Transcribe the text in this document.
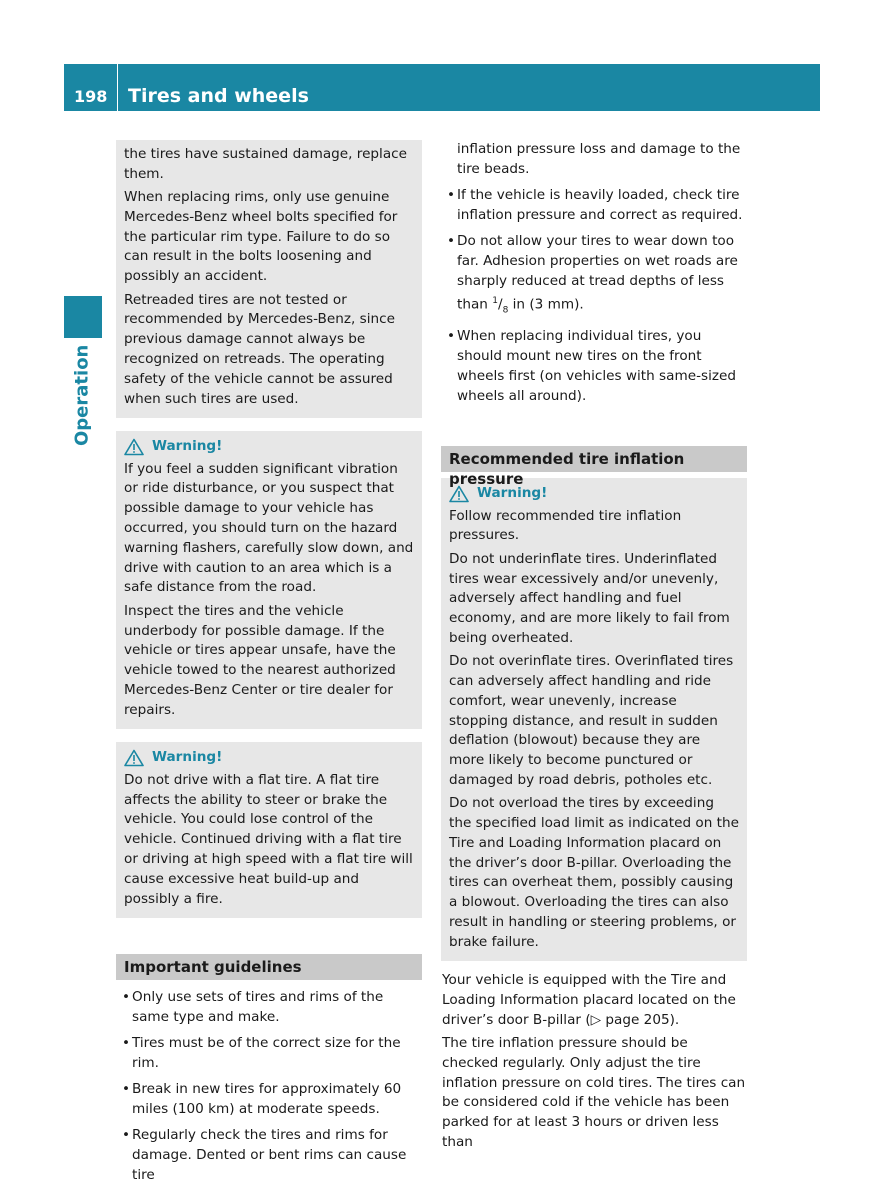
198 Tires and wheels
Operation

the tires have sustained damage, replace them.

When replacing rims, only use genuine Mercedes-Benz wheel bolts specified for the particular rim type. Failure to do so can result in the bolts loosening and possibly an accident.

Retreaded tires are not tested or recommended by Mercedes-Benz, since previous damage cannot always be recognized on retreads. The operating safety of the vehicle cannot be assured when such tires are used.

Warning!

If you feel a sudden significant vibration or ride disturbance, or you suspect that possible damage to your vehicle has occurred, you should turn on the hazard warning flashers, carefully slow down, and drive with caution to an area which is a safe distance from the road.

Inspect the tires and the vehicle underbody for possible damage. If the vehicle or tires appear unsafe, have the vehicle towed to the nearest authorized Mercedes-Benz Center or tire dealer for repairs.

Warning!

Do not drive with a flat tire. A flat tire affects the ability to steer or brake the vehicle. You could lose control of the vehicle. Continued driving with a flat tire or driving at high speed with a flat tire will cause excessive heat build-up and possibly a fire.

Important guidelines
• Only use sets of tires and rims of the same type and make.
• Tires must be of the correct size for the rim.
• Break in new tires for approximately 60 miles (100 km) at moderate speeds.
• Regularly check the tires and rims for damage. Dented or bent rims can cause tire

inflation pressure loss and damage to the tire beads.

• If the vehicle is heavily loaded, check tire inflation pressure and correct as required.
• Do not allow your tires to wear down too far. Adhesion properties on wet roads are sharply reduced at tread depths of less than $^1/_8$ in (3 mm).
• When replacing individual tires, you should mount new tires on the front wheels first (on vehicles with same-sized wheels all around).
Recommended tire inflation pressure
Warning!

Follow recommended tire inflation pressures.

Do not underinflate tires. Underinflated tires wear excessively and/or unevenly, adversely affect handling and fuel economy, and are more likely to fail from being overheated.

Do not overinflate tires. Overinflated tires can adversely affect handling and ride comfort, wear unevenly, increase stopping distance, and result in sudden deflation (blowout) because they are more likely to become punctured or damaged by road debris, potholes etc.

Do not overload the tires by exceeding the specified load limit as indicated on the Tire and Loading Information placard on the driver’s door B-pillar. Overloading the tires can overheat them, possibly causing a blowout. Overloading the tires can also result in handling or steering problems, or brake failure.

Your vehicle is equipped with the Tire and Loading Information placard located on the driver’s door B-pillar (▷ page 205).

The tire inflation pressure should be checked regularly. Only adjust the tire inflation pressure on cold tires. The tires can be considered cold if the vehicle has been parked for at least 3 hours or driven less than
